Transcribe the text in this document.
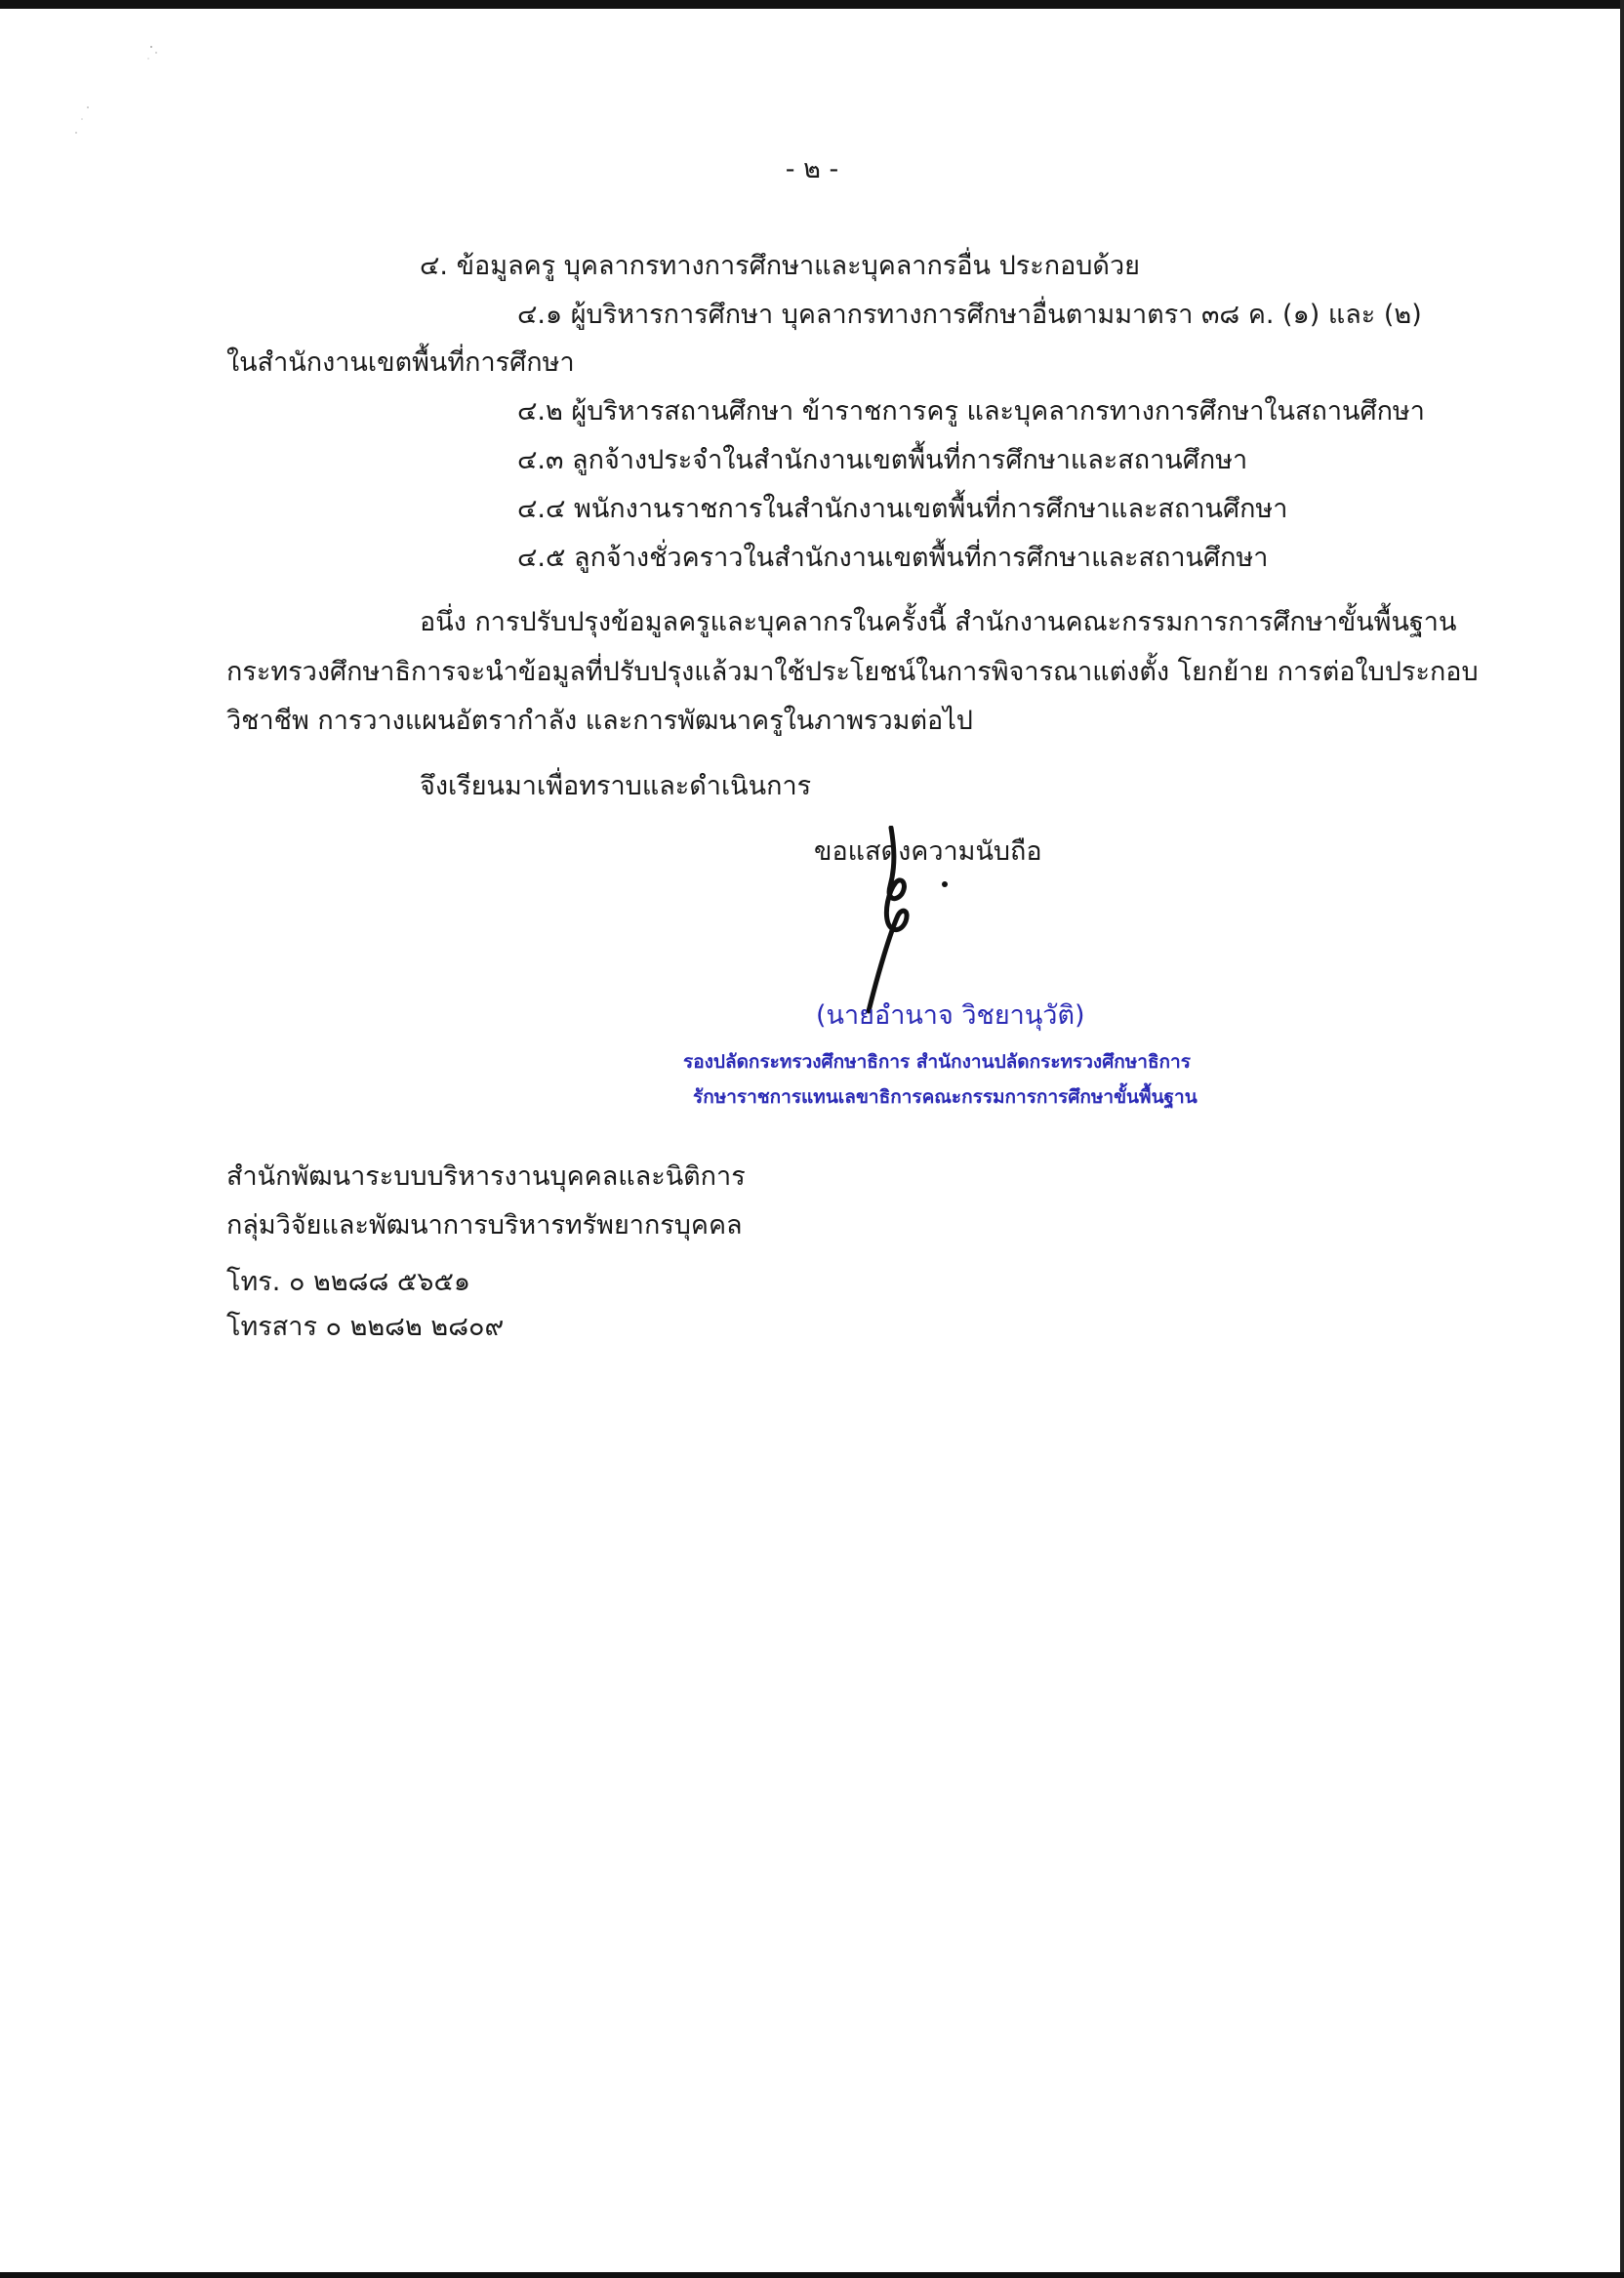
- ๒ -
๔. ข้อมูลครู บุคลากรทางการศึกษาและบุคลากรอื่น ประกอบด้วย
๔.๑ ผู้บริหารการศึกษา บุคลากรทางการศึกษาอื่นตามมาตรา ๓๘ ค. (๑) และ (๒)
ในสำนักงานเขตพื้นที่การศึกษา
๔.๒ ผู้บริหารสถานศึกษา ข้าราชการครู และบุคลากรทางการศึกษาในสถานศึกษา
๔.๓ ลูกจ้างประจำในสำนักงานเขตพื้นที่การศึกษาและสถานศึกษา
๔.๔ พนักงานราชการในสำนักงานเขตพื้นที่การศึกษาและสถานศึกษา
๔.๕ ลูกจ้างชั่วคราวในสำนักงานเขตพื้นที่การศึกษาและสถานศึกษา
อนึ่ง การปรับปรุงข้อมูลครูและบุคลากรในครั้งนี้ สำนักงานคณะกรรมการการศึกษาขั้นพื้นฐาน
กระทรวงศึกษาธิการจะนำข้อมูลที่ปรับปรุงแล้วมาใช้ประโยชน์ในการพิจารณาแต่งตั้ง โยกย้าย การต่อใบประกอบ
วิชาชีพ การวางแผนอัตรากำลัง และการพัฒนาครูในภาพรวมต่อไป
จึงเรียนมาเพื่อทราบและดำเนินการ
ขอแสดงความนับถือ
(นายอำนาจ วิชยานุวัติ)
รองปลัดกระทรวงศึกษาธิการ สำนักงานปลัดกระทรวงศึกษาธิการ
รักษาราชการแทนเลขาธิการคณะกรรมการการศึกษาขั้นพื้นฐาน
สำนักพัฒนาระบบบริหารงานบุคคลและนิติการ
กลุ่มวิจัยและพัฒนาการบริหารทรัพยากรบุคคล
โทร. ๐ ๒๒๘๘ ๕๖๕๑
โทรสาร ๐ ๒๒๘๒ ๒๘๐๙
